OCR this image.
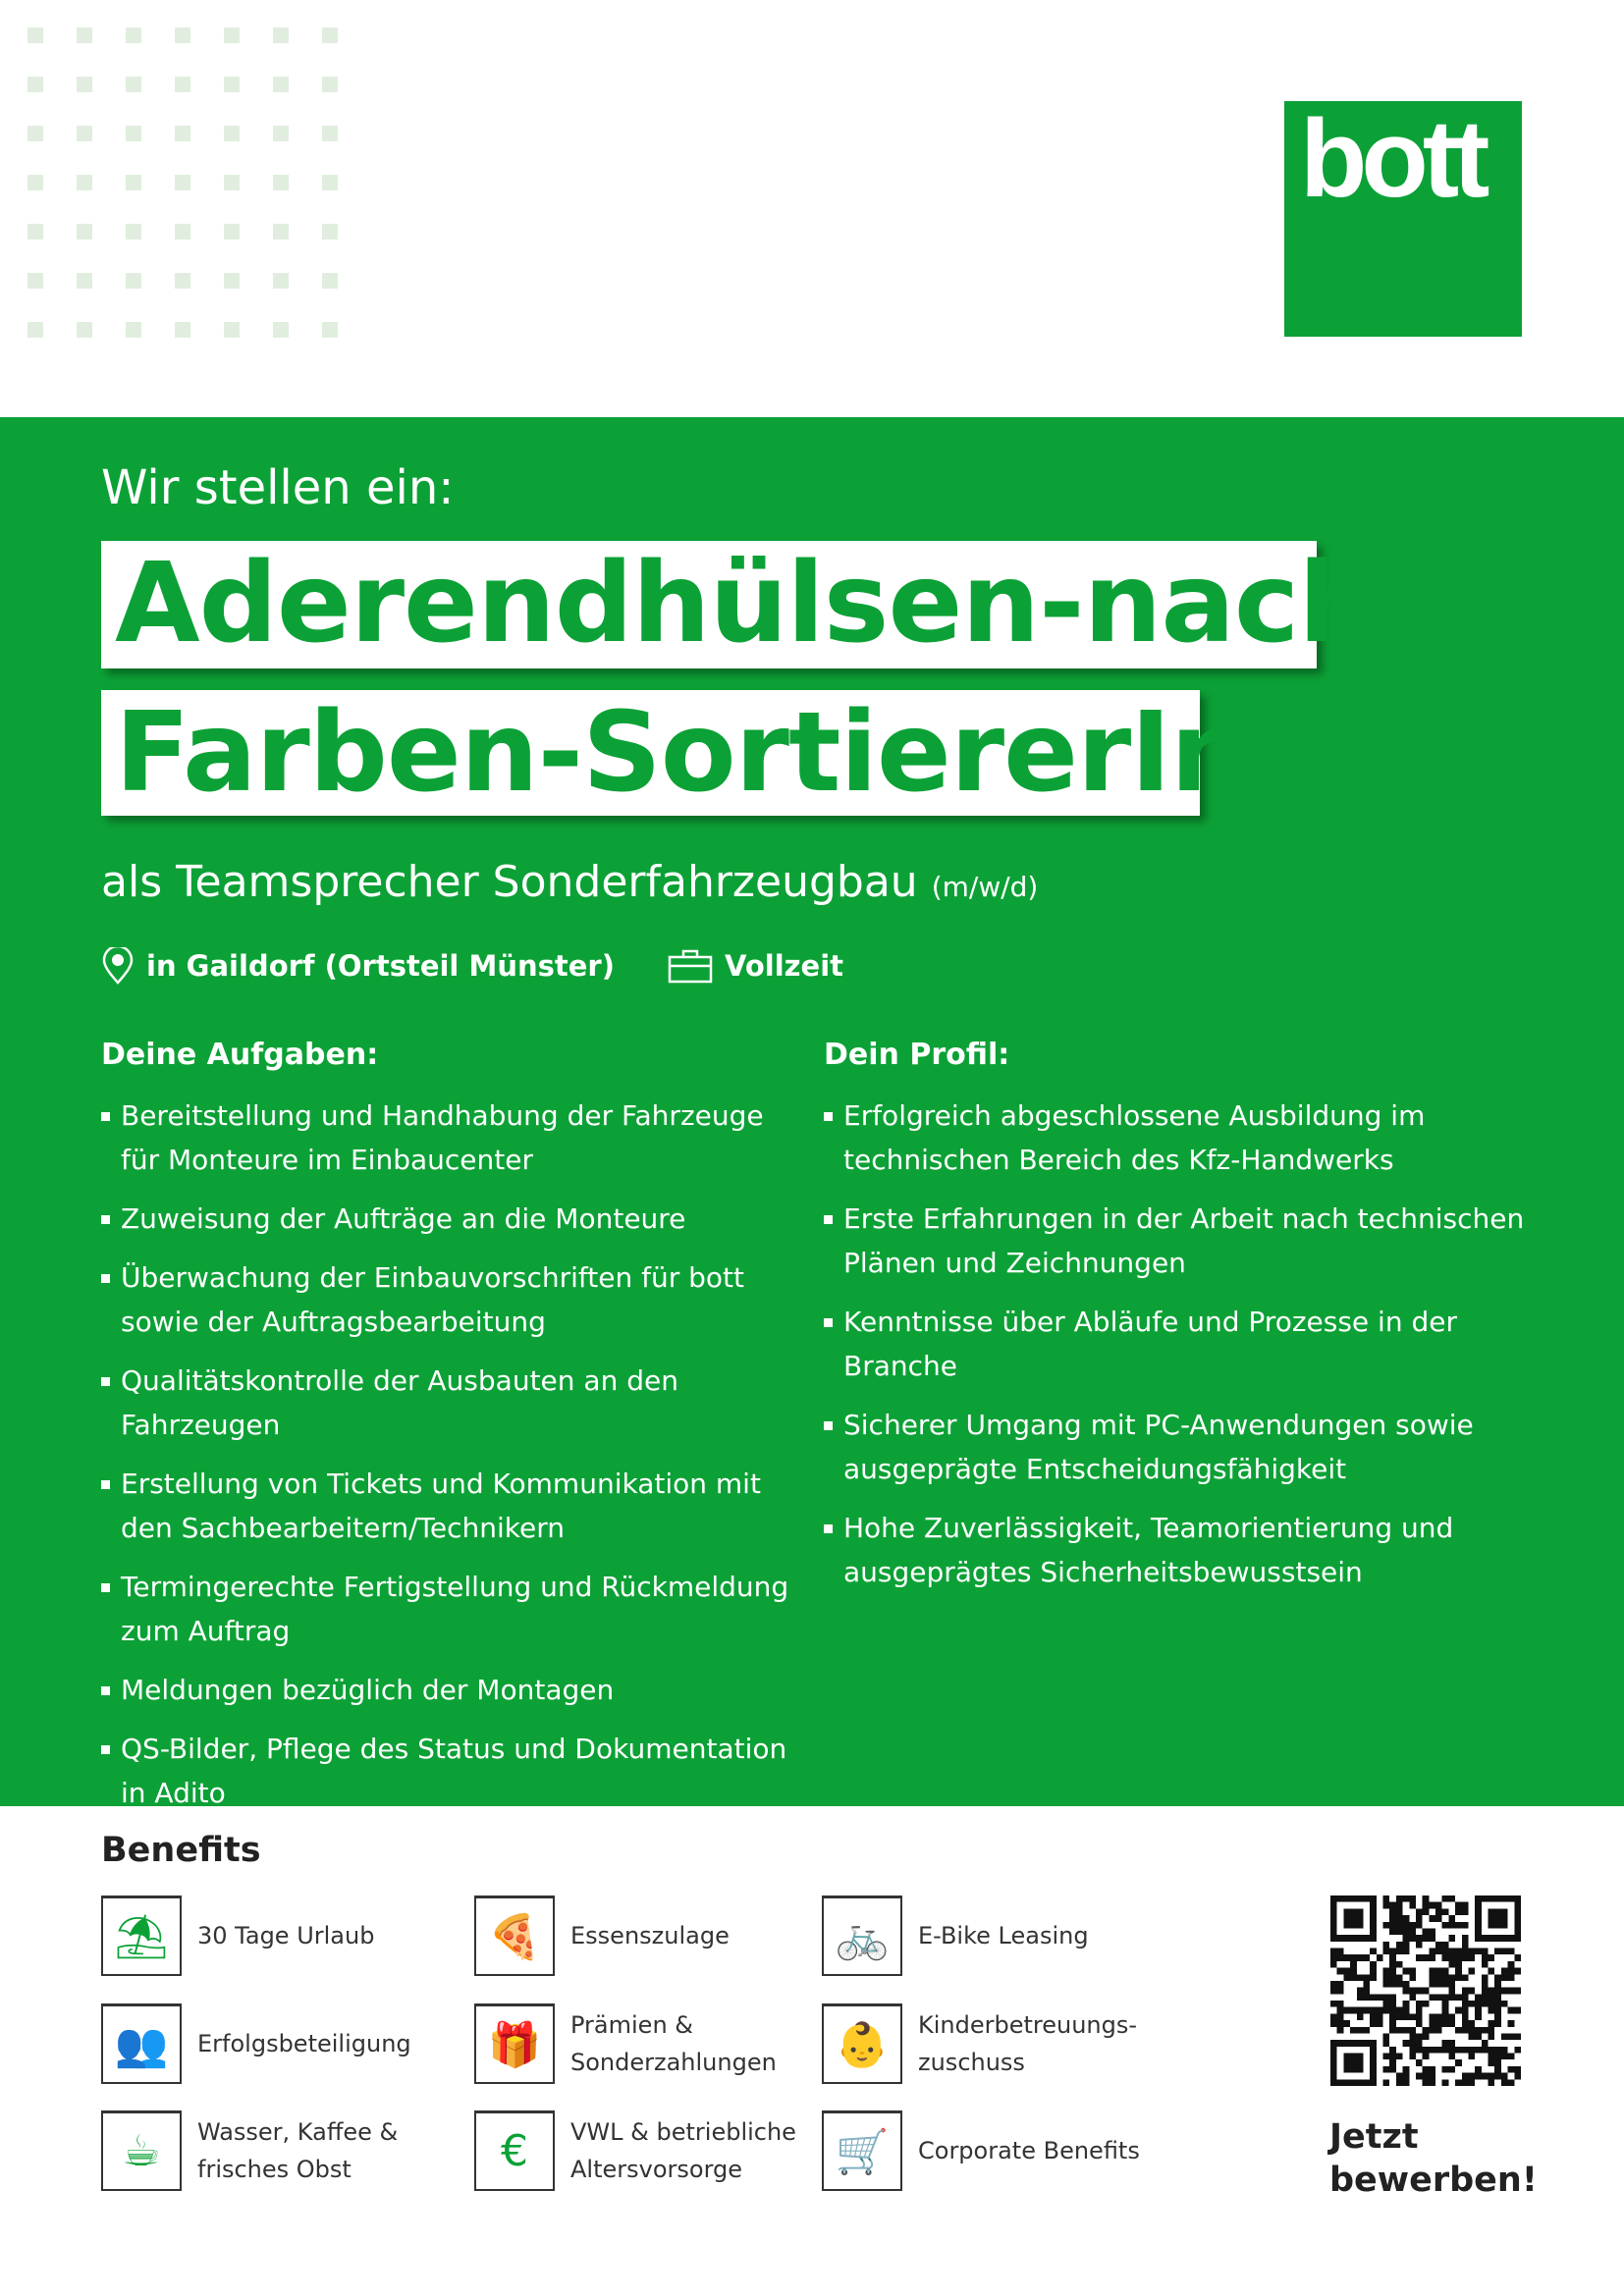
bott
Wir stellen ein:
Aderendhülsen-nach-
Farben-SortiererIn
als Teamsprecher Sonderfahrzeugbau (m/w/d)
in Gaildorf (Ortsteil Münster)	Vollzeit
Deine Aufgaben:
Bereitstellung und Handhabung der Fahrzeuge für Monteure im Einbaucenter
Zuweisung der Aufträge an die Monteure
Überwachung der Einbauvorschriften für bott sowie der Auftragsbearbeitung
Qualitätskontrolle der Ausbauten an den Fahrzeugen
Erstellung von Tickets und Kommunikation mit den Sachbearbeitern/Technikern
Termingerechte Fertigstellung und Rückmeldung zum Auftrag
Meldungen bezüglich der Montagen
QS-Bilder, Pflege des Status und Dokumentation in Adito
Dein Profil:
Erfolgreich abgeschlossene Ausbildung im technischen Bereich des Kfz-Handwerks
Erste Erfahrungen in der Arbeit nach technischen Plänen und Zeichnungen
Kenntnisse über Abläufe und Prozesse in der Branche
Sicherer Umgang mit PC-Anwendungen sowie ausgeprägte Entscheidungsfähigkeit
Hohe Zuverlässigkeit, Teamorientierung und ausgeprägtes Sicherheitsbewusstsein
Benefits
⛱	30 Tage Urlaub	🍕	Essenszulage	🚲	E-Bike Leasing
👥	Erfolgsbeteiligung	🎁	Prämien & Sonderzahlungen	👶	Kinderbetreuungs-zuschuss
☕	Wasser, Kaffee & frisches Obst	€	VWL & betriebliche Altersvorsorge	🛒	Corporate Benefits	Jetzt bewerben!
